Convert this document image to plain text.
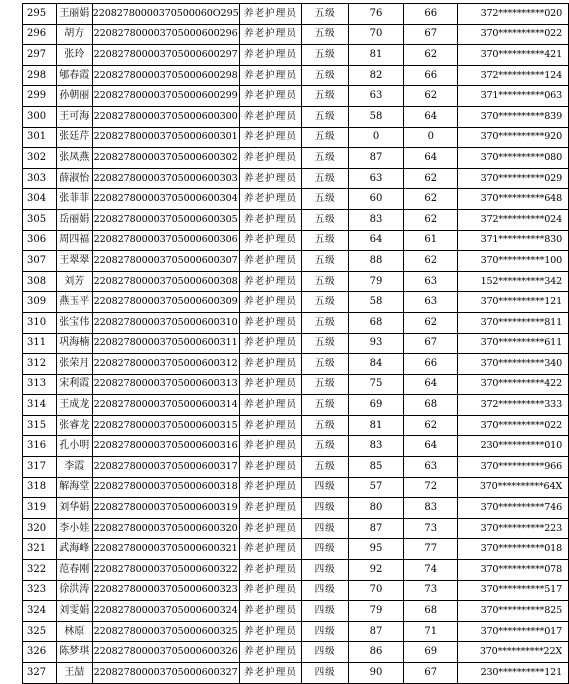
295	王丽娟	22082780000370500060O295	养老护理员	五级	76	66	372**********020
296	胡方	220827800003705000600296	养老护理员	五级	70	67	370**********022
297	张玲	220827800003705000600297	养老护理员	五级	81	62	370**********421
298	郇春霞	220827800003705000600298	养老护理员	五级	82	66	372**********124
299	孙朝丽	220827800003705000600299	养老护理员	五级	63	62	371**********063
300	王可海	220827800003705000600300	养老护理员	五级	58	64	370**********839
301	张廷芹	220827800003705000600301	养老护理员	五级	0	0	370**********920
302	张凤燕	220827800003705000600302	养老护理员	五级	87	64	370**********080
303	薛淑怡	220827800003705000600303	养老护理员	五级	63	62	370**********029
304	张菲菲	220827800003705000600304	养老护理员	五级	60	62	370**********648
305	岳丽娟	220827800003705000600305	养老护理员	五级	83	62	372**********024
306	周四福	220827800003705000600306	养老护理员	五级	64	61	371**********830
307	王翠翠	220827800003705000600307	养老护理员	五级	88	62	370**********100
308	刘芳	220827800003705000600308	养老护理员	五级	79	63	152**********342
309	燕玉平	220827800003705000600309	养老护理员	五级	58	63	370**********121
310	张宝伟	220827800003705000600310	养老护理员	五级	68	62	370**********811
311	巩海楠	220827800003705000600311	养老护理员	五级	93	67	370**********611
312	张荣月	220827800003705000600312	养老护理员	五级	84	66	370**********340
313	宋利霞	220827800003705000600313	养老护理员	五级	75	64	370**********422
314	王成龙	220827800003705000600314	养老护理员	五级	69	68	372**********333
315	张睿龙	220827800003705000600315	养老护理员	五级	81	62	370**********022
316	孔小明	220827800003705000600316	养老护理员	五级	83	64	230**********010
317	李霞	220827800003705000600317	养老护理员	五级	85	63	370**********966
318	解海堂	220827800003705000600318	养老护理员	四级	57	72	370**********64X
319	刘华娟	220827800003705000600319	养老护理员	四级	80	83	370**********746
320	李小娃	220827800003705000600320	养老护理员	四级	87	73	370**********223
321	武海峰	220827800003705000600321	养老护理员	四级	95	77	370**********018
322	范春刚	220827800003705000600322	养老护理员	四级	92	74	370**********078
323	徐洪涛	220827800003705000600323	养老护理员	四级	70	73	370**********517
324	刘雯娟	220827800003705000600324	养老护理员	四级	79	68	370**********825
325	林原	220827800003705000600325	养老护理员	四级	87	71	370**********017
326	陈梦琪	220827800003705000600326	养老护理员	四级	86	69	370**********22X
327	王喆	220827800003705000600327	养老护理员	四级	90	67	230**********121
